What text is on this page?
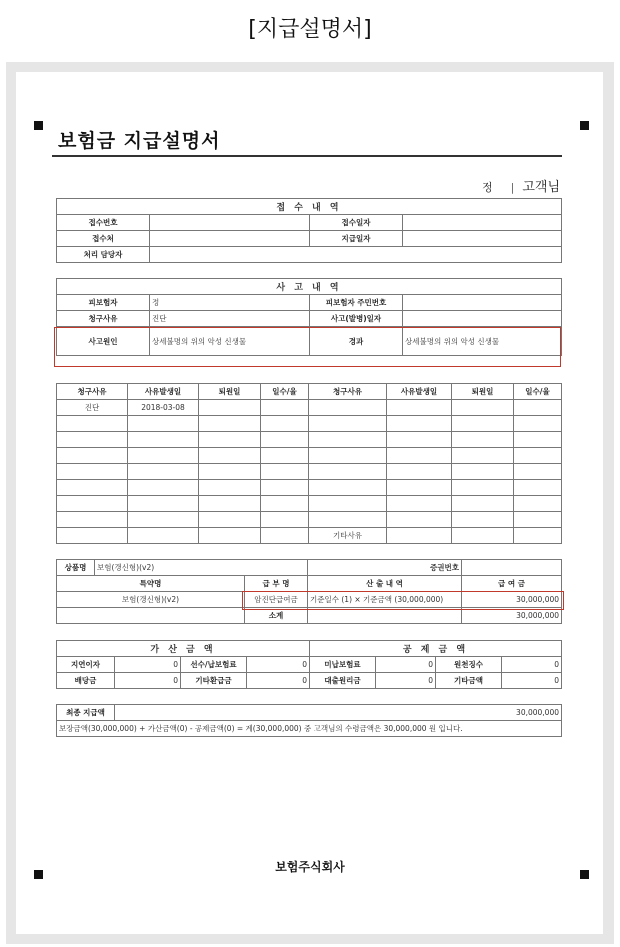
[지급설명서]
보험금 지급설명서
정 | 고객님
접 수 내 역			
접수번호		접수일자	
접수처		지급일자	
처리 담당자			
사 고 내 역			
피보험자	정	피보험자 주민번호	
청구사유	진단	사고(발병)일자	
사고원인	상세불명의 위의 악성 신생물	경과	상세불명의 위의 악성 신생물
청구사유	사유발생일	퇴원일	일수/율	청구사유	사유발생일	퇴원일	일수/율
진단	2018-03-08						

				기타사유			
상품명	보험(갱신형)(v2)		증권번호	
특약명		급 부 명	산 출 내 역	급 여 금
보험(갱신형)(v2)		암진단급여금	기준일수 (1) × 기준금액 (30,000,000)	30,000,000
		소계		30,000,000
가 산 금 액				공 제 금 액			
지연이자	0	선수/납보험료	0	미납보험료	0	원천징수	0
배당금	0	기타환급금	0	대출원리금	0	기타금액	0

최종 지급액	30,000,000						
보장금액(30,000,000) + 가산금액(0) - 공제금액(0) = 계(30,000,000) 중 고객님의 수령금액은 30,000,000 원 입니다.							
보험주식회사
